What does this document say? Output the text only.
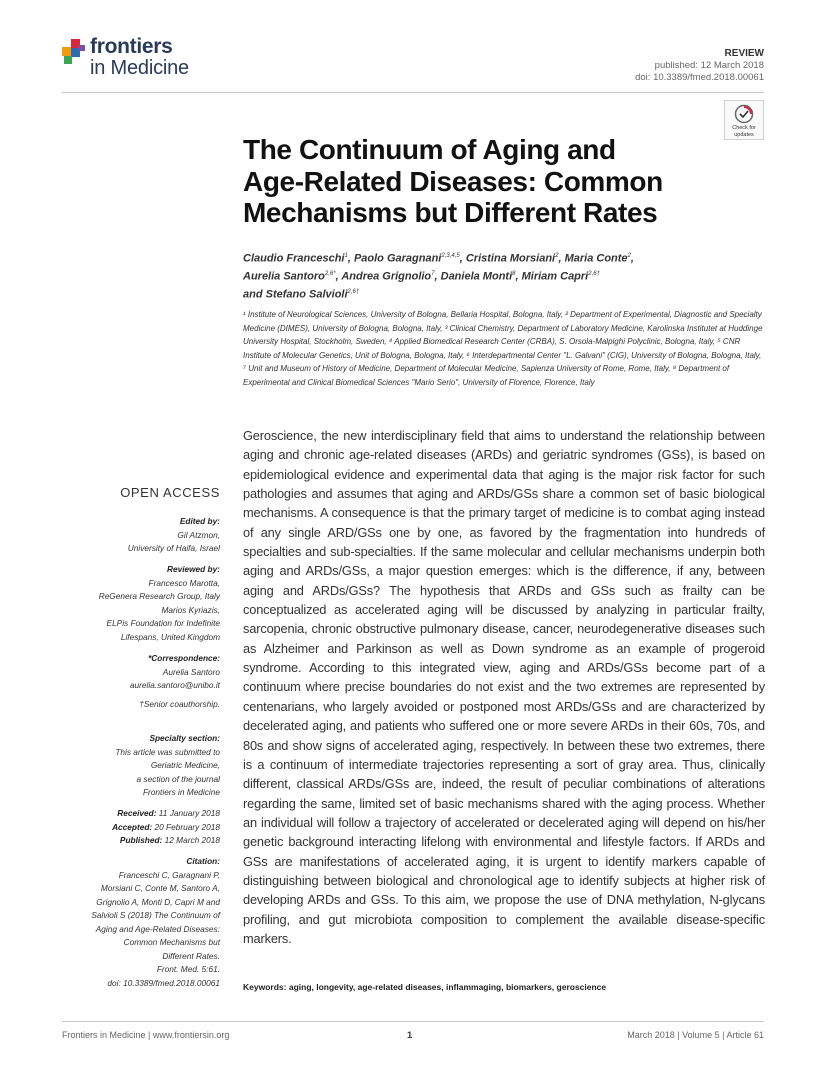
frontiers
in Medicine
REVIEW
published: 12 March 2018
doi: 10.3389/fmed.2018.00061
Check for
updates
The Continuum of Aging and
Age-Related Diseases: Common
Mechanisms but Different Rates
Claudio Franceschi$^1$, Paolo Garagnani$^{2,3,4,5}$, Cristina Morsiani$^2$, Maria Conte$^2$,
Aurelia Santoro$^{2,6*}$, Andrea Grignolio$^7$, Daniela Monti$^8$, Miriam Capri$^{2,6\dagger}$
and Stefano Salvioli$^{2,6\dagger}$
¹ Institute of Neurological Sciences, University of Bologna, Bellaria Hospital, Bologna, Italy, ² Department of Experimental, Diagnostic and Specialty Medicine (DIMES), University of Bologna, Bologna, Italy, ³ Clinical Chemistry, Department of Laboratory Medicine, Karolinska Institutet at Huddinge University Hospital, Stockholm, Sweden, ⁴ Applied Biomedical Research Center (CRBA), S. Orsola-Malpighi Polyclinic, Bologna, Italy, ⁵ CNR Institute of Molecular Genetics, Unit of Bologna, Bologna, Italy, ⁶ Interdepartmental Center "L. Galvani" (CIG), University of Bologna, Bologna, Italy, ⁷ Unit and Museum of History of Medicine, Department of Molecular Medicine, Sapienza University of Rome, Rome, Italy, ⁸ Department of Experimental and Clinical Biomedical Sciences "Mario Serio", University of Florence, Florence, Italy
OPEN ACCESS
Edited by:
Gil Atzmon,
University of Haifa, Israel
Reviewed by:
Francesco Marotta,
ReGenera Research Group, Italy
Marios Kyriazis,
ELPis Foundation for Indefinite
Lifespans, United Kingdom
*Correspondence:
Aurelia Santoro
aurelia.santoro@unibo.it
†Senior coauthorship.
Specialty section:
This article was submitted to
Geriatric Medicine,
a section of the journal
Frontiers in Medicine
Received: 11 January 2018
Accepted: 20 February 2018
Published: 12 March 2018
Citation:
Franceschi C, Garagnani P,
Morsiani C, Conte M, Santoro A,
Grignolio A, Monti D, Capri M and
Salvioli S (2018) The Continuum of
Aging and Age-Related Diseases:
Common Mechanisms but
Different Rates.
Front. Med. 5:61.
doi: 10.3389/fmed.2018.00061
Geroscience, the new interdisciplinary field that aims to understand the relationship between aging and chronic age-related diseases (ARDs) and geriatric syndromes (GSs), is based on epidemiological evidence and experimental data that aging is the major risk factor for such pathologies and assumes that aging and ARDs/GSs share a common set of basic biological mechanisms. A consequence is that the primary target of medicine is to combat aging instead of any single ARD/GSs one by one, as favored by the fragmentation into hundreds of specialties and sub-specialties. If the same molecular and cellular mechanisms underpin both aging and ARDs/GSs, a major question emerges: which is the difference, if any, between aging and ARDs/GSs? The hypothesis that ARDs and GSs such as frailty can be conceptualized as accelerated aging will be discussed by analyzing in particular frailty, sarcopenia, chronic obstructive pulmonary disease, cancer, neurodegenerative diseases such as Alzheimer and Parkinson as well as Down syndrome as an example of progeroid syndrome. According to this integrated view, aging and ARDs/GSs become part of a continuum where precise boundaries do not exist and the two extremes are represented by centenarians, who largely avoided or postponed most ARDs/GSs and are characterized by decelerated aging, and patients who suffered one or more severe ARDs in their 60s, 70s, and 80s and show signs of accelerated aging, respectively. In between these two extremes, there is a continuum of intermediate trajectories representing a sort of gray area. Thus, clinically different, classical ARDs/GSs are, indeed, the result of peculiar combinations of alterations regarding the same, limited set of basic mechanisms shared with the aging process. Whether an individual will follow a trajectory of accelerated or decelerated aging will depend on his/her genetic background interacting lifelong with environmental and lifestyle factors. If ARDs and GSs are manifestations of accelerated aging, it is urgent to identify markers capable of distinguishing between biological and chronological age to identify subjects at higher risk of developing ARDs and GSs. To this aim, we propose the use of DNA methylation, N-glycans profiling, and gut microbiota composition to complement the available disease-specific markers.
Keywords: aging, longevity, age-related diseases, inflammaging, biomarkers, geroscience
Frontiers in Medicine | www.frontiersin.org	1	March 2018 | Volume 5 | Article 61
